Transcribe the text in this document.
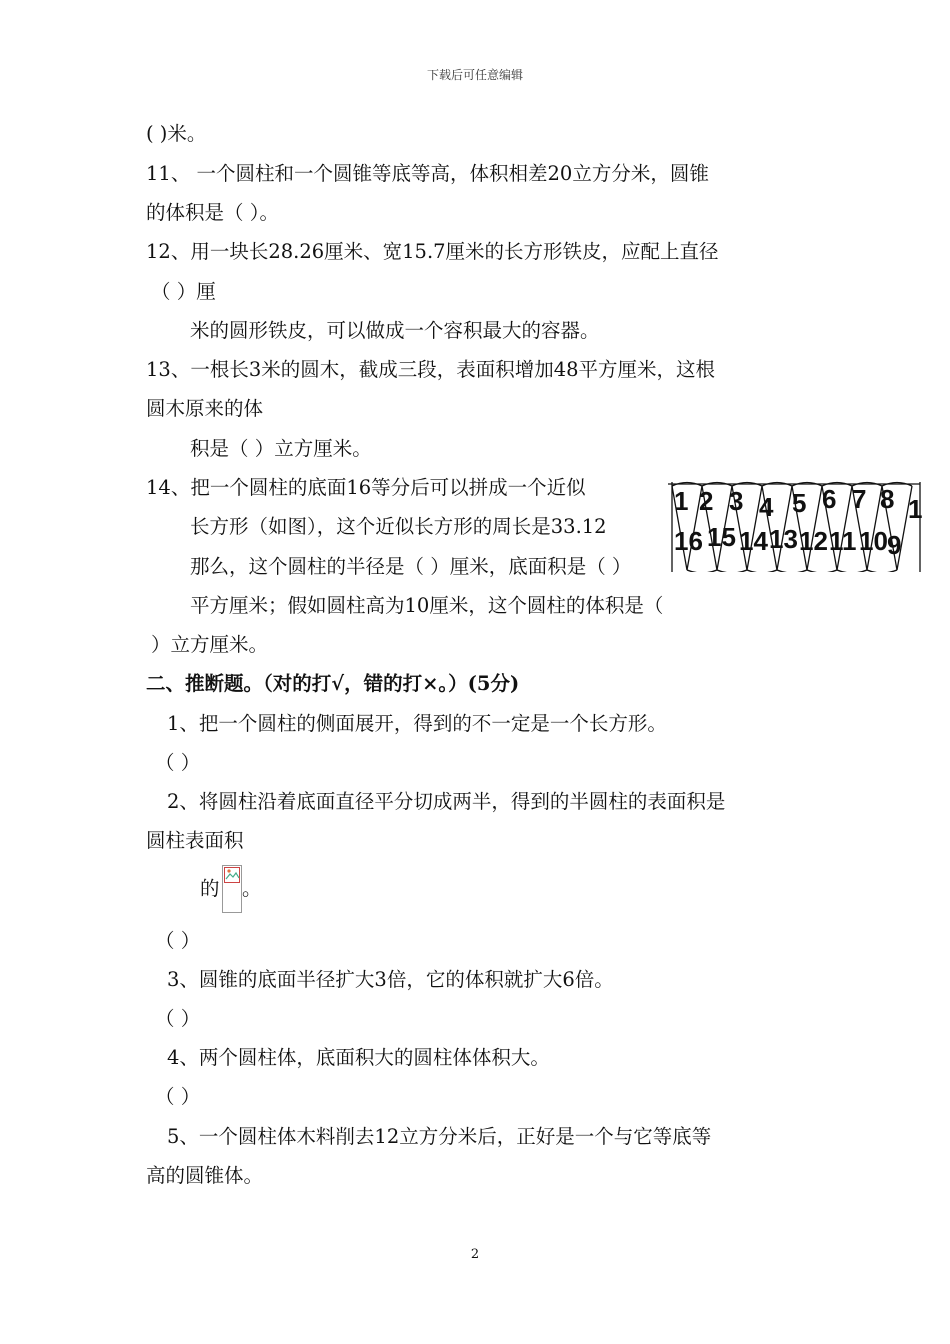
下载后可任意编辑
( )米。
11、 一个圆柱和一个圆锥等底等高，体积相差20立方分米，圆锥
的体积是（ ）。
12、用一块长28.26厘米、宽15.7厘米的长方形铁皮，应配上直径
（ ）厘
米的圆形铁皮，可以做成一个容积最大的容器。
13、一根长3米的圆木，截成三段，表面积增加48平方厘米，这根
圆木原来的体
积是（ ）立方厘米。
14、把一个圆柱的底面16等分后可以拼成一个近似
长方形（如图），这个近似长方形的周长是33.12
那么，这个圆柱的半径是（ ）厘米，底面积是（ ）
平方厘米；假如圆柱高为10厘米，这个圆柱的体积是（
）立方厘米。
1 2 3 4 5 6 7 8 1
16 15 14 13 12 11 10 9
二、推断题。（对的打√，错的打×。）(5分)
1、把一个圆柱的侧面展开，得到的不一定是一个长方形。
（ ）
2、将圆柱沿着底面直径平分切成两半，得到的半圆柱的表面积是
圆柱表面积
的 。
（ ）
3、圆锥的底面半径扩大3倍，它的体积就扩大6倍。
（ ）
4、两个圆柱体，底面积大的圆柱体体积大。
（ ）
5、一个圆柱体木料削去12立方分米后，正好是一个与它等底等
高的圆锥体。
2
